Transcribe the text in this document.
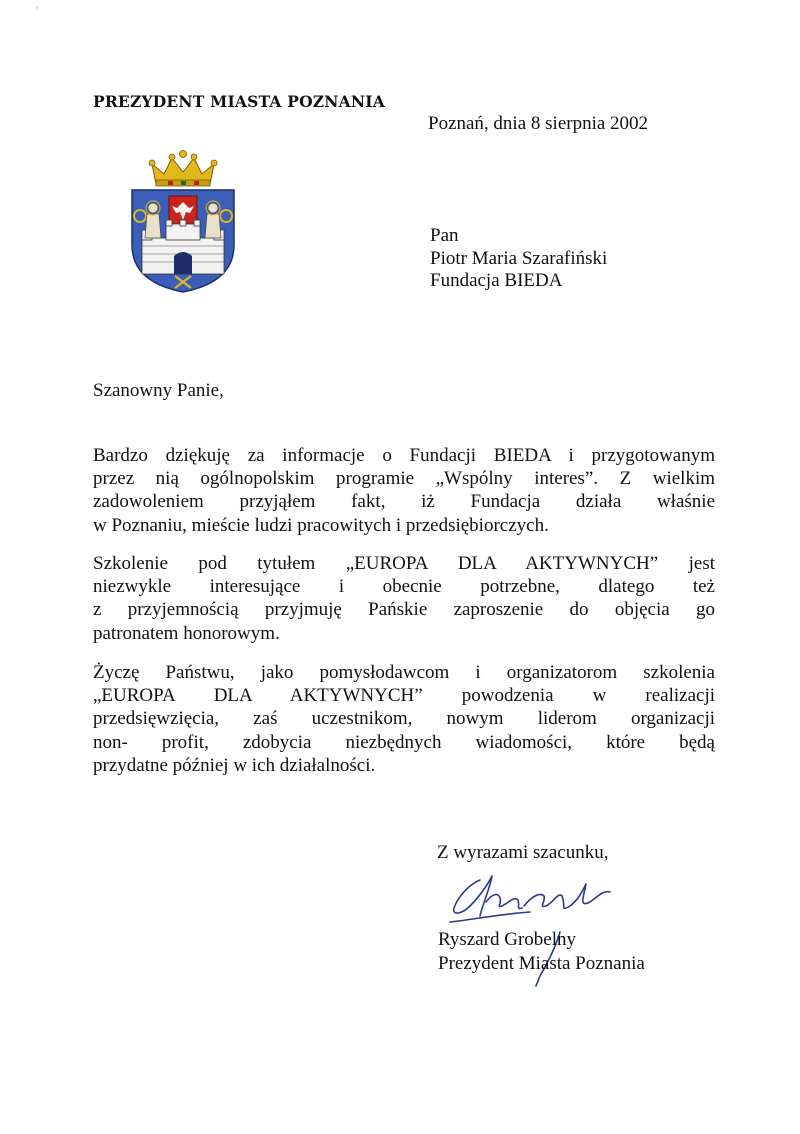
'
PREZYDENT MIASTA POZNANIA
Poznań, dnia 8 sierpnia 2002
Pan
Piotr Maria Szarafiński
Fundacja BIEDA
Szanowny Panie,
Bardzo dziękuję za informacje o Fundacji BIEDA i przygotowanym
przez nią ogólnopolskim programie „Wspólny interes”. Z wielkim
zadowoleniem przyjąłem fakt, iż Fundacja działa właśnie
w Poznaniu, mieście ludzi pracowitych i przedsiębiorczych.
Szkolenie pod tytułem „EUROPA DLA AKTYWNYCH” jest
niezwykle interesujące i obecnie potrzebne, dlatego też
z przyjemnością przyjmuję Pańskie zaproszenie do objęcia go
patronatem honorowym.
Życzę Państwu, jako pomysłodawcom i organizatorom szkolenia
„EUROPA DLA AKTYWNYCH” powodzenia w realizacji
przedsięwzięcia, zaś uczestnikom, nowym liderom organizacji
non- profit, zdobycia niezbędnych wiadomości, które będą
przydatne później w ich działalności.
Z wyrazami szacunku,
Ryszard Grobelny
Prezydent Miasta Poznania
